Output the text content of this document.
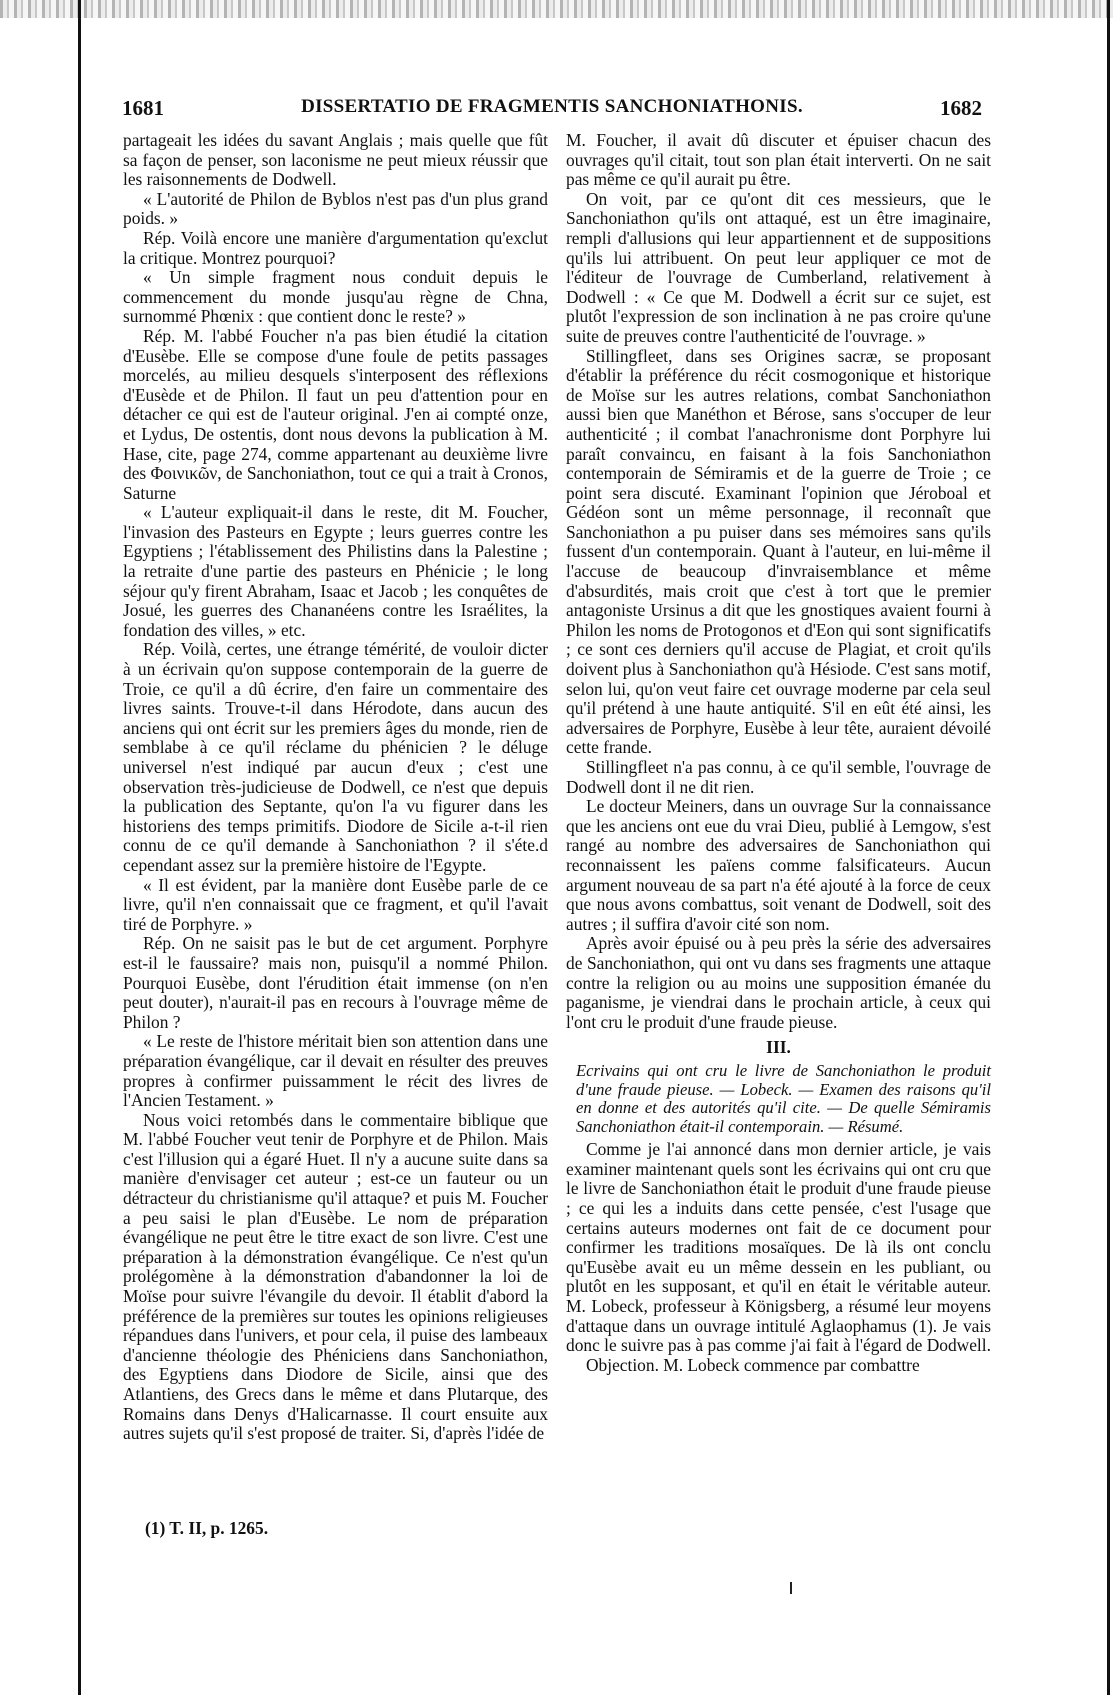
1681	DISSERTATIO DE FRAGMENTIS SANCHONIATHONIS.	1682

partageait les idées du savant Anglais ; mais quelle que fût sa façon de penser, son laconisme ne peut mieux réussir que les raisonnements de Dodwell.

« L'autorité de Philon de Byblos n'est pas d'un plus grand poids. »

Rép. Voilà encore une manière d'argumentation qu'exclut la critique. Montrez pourquoi?

« Un simple fragment nous conduit depuis le commencement du monde jusqu'au règne de Chna, surnommé Phœnix : que contient donc le reste? »

Rép. M. l'abbé Foucher n'a pas bien étudié la citation d'Eusèbe. Elle se compose d'une foule de petits passages morcelés, au milieu desquels s'interposent des réflexions d'Eusède et de Philon. Il faut un peu d'attention pour en détacher ce qui est de l'auteur original. J'en ai compté onze, et Lydus, De ostentis, dont nous devons la publication à M. Hase, cite, page 274, comme appartenant au deuxième livre des Φοινικῶν, de Sanchoniathon, tout ce qui a trait à Cronos, Saturne

« L'auteur expliquait-il dans le reste, dit M. Foucher, l'invasion des Pasteurs en Egypte ; leurs guerres contre les Egyptiens ; l'établissement des Philistins dans la Palestine ; la retraite d'une partie des pasteurs en Phénicie ; le long séjour qu'y firent Abraham, Isaac et Jacob ; les conquêtes de Josué, les guerres des Chananéens contre les Israélites, la fondation des villes, » etc.

Rép. Voilà, certes, une étrange témérité, de vouloir dicter à un écrivain qu'on suppose contemporain de la guerre de Troie, ce qu'il a dû écrire, d'en faire un commentaire des livres saints. Trouve-t-il dans Hérodote, dans aucun des anciens qui ont écrit sur les premiers âges du monde, rien de semblabe à ce qu'il réclame du phénicien ? le déluge universel n'est indiqué par aucun d'eux ; c'est une observation très-judicieuse de Dodwell, ce n'est que depuis la publication des Septante, qu'on l'a vu figurer dans les historiens des temps primitifs. Diodore de Sicile a-t-il rien connu de ce qu'il demande à Sanchoniathon ? il s'éte.d cependant assez sur la première histoire de l'Egypte.

« Il est évident, par la manière dont Eusèbe parle de ce livre, qu'il n'en connaissait que ce fragment, et qu'il l'avait tiré de Porphyre. »

Rép. On ne saisit pas le but de cet argument. Porphyre est-il le faussaire? mais non, puisqu'il a nommé Philon. Pourquoi Eusèbe, dont l'érudition était immense (on n'en peut douter), n'aurait-il pas en recours à l'ouvrage même de Philon ?

« Le reste de l'histore méritait bien son attention dans une préparation évangélique, car il devait en résulter des preuves propres à confirmer puissamment le récit des livres de l'Ancien Testament. »

Nous voici retombés dans le commentaire biblique que M. l'abbé Foucher veut tenir de Porphyre et de Philon. Mais c'est l'illusion qui a égaré Huet. Il n'y a aucune suite dans sa manière d'envisager cet auteur ; est-ce un fauteur ou un détracteur du christianisme qu'il attaque? et puis M. Foucher a peu saisi le plan d'Eusèbe. Le nom de préparation évangélique ne peut être le titre exact de son livre. C'est une préparation à la démonstration évangélique. Ce n'est qu'un prolégomène à la démonstration d'abandonner la loi de Moïse pour suivre l'évangile du devoir. Il établit d'abord la préférence de la premières sur toutes les opinions religieuses répandues dans l'univers, et pour cela, il puise des lambeaux d'ancienne théologie des Phéniciens dans Sanchoniathon, des Egyptiens dans Diodore de Sicile, ainsi que des Atlantiens, des Grecs dans le même et dans Plutarque, des Romains dans Denys d'Halicarnasse. Il court ensuite aux autres sujets qu'il s'est proposé de traiter. Si, d'après l'idée de

M. Foucher, il avait dû discuter et épuiser chacun des ouvrages qu'il citait, tout son plan était interverti. On ne sait pas même ce qu'il aurait pu être.

On voit, par ce qu'ont dit ces messieurs, que le Sanchoniathon qu'ils ont attaqué, est un être imaginaire, rempli d'allusions qui leur appartiennent et de suppositions qu'ils lui attribuent. On peut leur appliquer ce mot de l'éditeur de l'ouvrage de Cumberland, relativement à Dodwell : « Ce que M. Dodwell a écrit sur ce sujet, est plutôt l'expression de son inclination à ne pas croire qu'une suite de preuves contre l'authenticité de l'ouvrage. »

Stillingfleet, dans ses Origines sacræ, se proposant d'établir la préférence du récit cosmogonique et historique de Moïse sur les autres relations, combat Sanchoniathon aussi bien que Manéthon et Bérose, sans s'occuper de leur authenticité ; il combat l'anachronisme dont Porphyre lui paraît convaincu, en faisant à la fois Sanchoniathon contemporain de Sémiramis et de la guerre de Troie ; ce point sera discuté. Examinant l'opinion que Jéroboal et Gédéon sont un même personnage, il reconnaît que Sanchoniathon a pu puiser dans ses mémoires sans qu'ils fussent d'un contemporain. Quant à l'auteur, en lui-même il l'accuse de beaucoup d'invraisemblance et même d'absurdités, mais croit que c'est à tort que le premier antagoniste Ursinus a dit que les gnostiques avaient fourni à Philon les noms de Protogonos et d'Eon qui sont significatifs ; ce sont ces derniers qu'il accuse de Plagiat, et croit qu'ils doivent plus à Sanchoniathon qu'à Hésiode. C'est sans motif, selon lui, qu'on veut faire cet ouvrage moderne par cela seul qu'il prétend à une haute antiquité. S'il en eût été ainsi, les adversaires de Porphyre, Eusèbe à leur tête, auraient dévoilé cette frande.

Stillingfleet n'a pas connu, à ce qu'il semble, l'ouvrage de Dodwell dont il ne dit rien.

Le docteur Meiners, dans un ouvrage Sur la connaissance que les anciens ont eue du vrai Dieu, publié à Lemgow, s'est rangé au nombre des adversaires de Sanchoniathon qui reconnaissent les païens comme falsificateurs. Aucun argument nouveau de sa part n'a été ajouté à la force de ceux que nous avons combattus, soit venant de Dodwell, soit des autres ; il suffira d'avoir cité son nom.

Après avoir épuisé ou à peu près la série des adversaires de Sanchoniathon, qui ont vu dans ses fragments une attaque contre la religion ou au moins une supposition émanée du paganisme, je viendrai dans le prochain article, à ceux qui l'ont cru le produit d'une fraude pieuse.

III.

Ecrivains qui ont cru le livre de Sanchoniathon le produit d'une fraude pieuse. — Lobeck. — Examen des raisons qu'il en donne et des autorités qu'il cite. — De quelle Sémiramis Sanchoniathon était-il contemporain. — Résumé.

Comme je l'ai annoncé dans mon dernier article, je vais examiner maintenant quels sont les écrivains qui ont cru que le livre de Sanchoniathon était le produit d'une fraude pieuse ; ce qui les a induits dans cette pensée, c'est l'usage que certains auteurs modernes ont fait de ce document pour confirmer les traditions mosaïques. De là ils ont conclu qu'Eusèbe avait eu un même dessein en les publiant, ou plutôt en les supposant, et qu'il en était le véritable auteur. M. Lobeck, professeur à Königsberg, a résumé leur moyens d'attaque dans un ouvrage intitulé Aglaophamus (1). Je vais donc le suivre pas à pas comme j'ai fait à l'égard de Dodwell.

Objection. M. Lobeck commence par combattre

(1) T. II, p. 1265.
